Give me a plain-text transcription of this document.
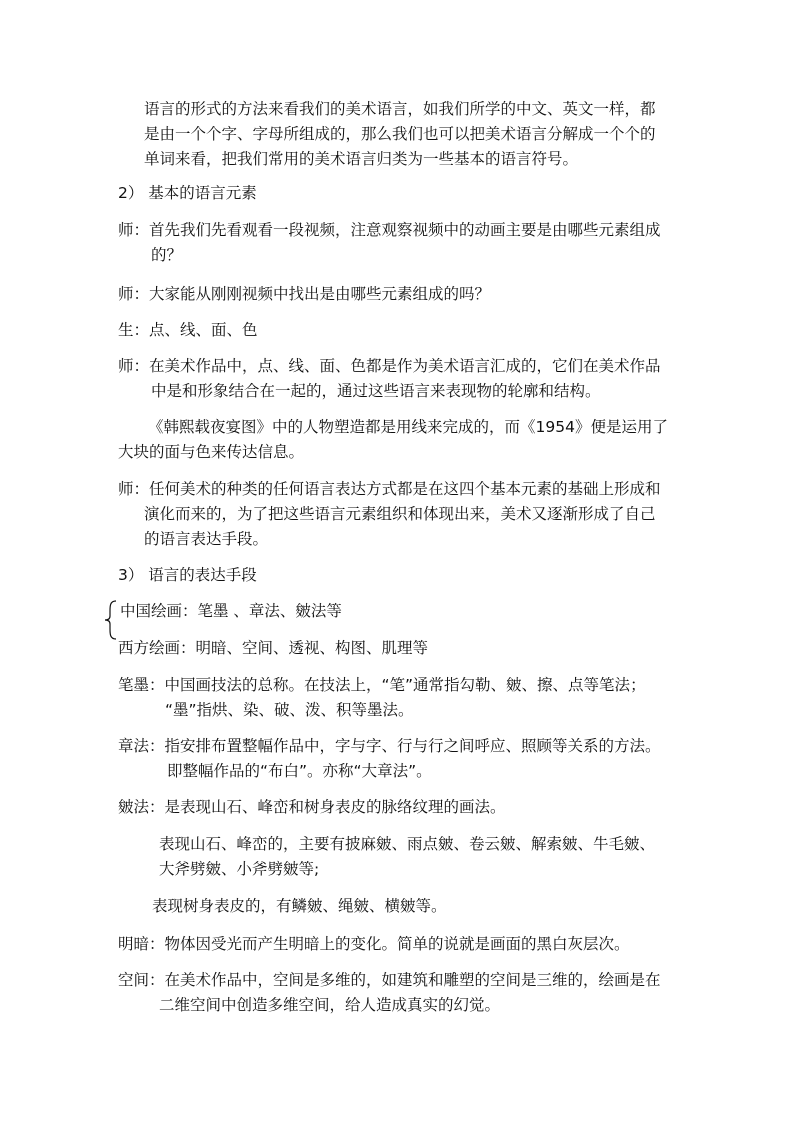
语言的形式的方法来看我们的美术语言，如我们所学的中文、英文一样，都
是由一个个字、字母所组成的，那么我们也可以把美术语言分解成一个个的
单词来看，把我们常用的美术语言归类为一些基本的语言符号。
2） 基本的语言元素
师：首先我们先看观看一段视频，注意观察视频中的动画主要是由哪些元素组成
的？
师：大家能从刚刚视频中找出是由哪些元素组成的吗？
生：点、线、面、色
师：在美术作品中，点、线、面、色都是作为美术语言汇成的，它们在美术作品
中是和形象结合在一起的，通过这些语言来表现物的轮廓和结构。
《韩熙载夜宴图》中的人物塑造都是用线来完成的，而《1954》便是运用了
大块的面与色来传达信息。
师：任何美术的种类的任何语言表达方式都是在这四个基本元素的基础上形成和
演化而来的，为了把这些语言元素组织和体现出来，美术又逐渐形成了自己
的语言表达手段。
3） 语言的表达手段
中国绘画：笔墨 、章法、皴法等
西方绘画：明暗、空间、透视、构图、肌理等
笔墨：中国画技法的总称。在技法上，“笔”通常指勾勒、皴、擦、点等笔法；
“墨”指烘、染、破、泼、积等墨法。
章法：指安排布置整幅作品中，字与字、行与行之间呼应、照顾等关系的方法。
即整幅作品的“布白”。亦称“大章法”。
皴法：是表现山石、峰峦和树身表皮的脉络纹理的画法。
表现山石、峰峦的，主要有披麻皴、雨点皴、卷云皴、解索皴、牛毛皴、
大斧劈皴、小斧劈皴等;
表现树身表皮的，有鳞皴、绳皴、横皴等。
明暗：物体因受光而产生明暗上的变化。简单的说就是画面的黑白灰层次。
空间：在美术作品中，空间是多维的，如建筑和雕塑的空间是三维的，绘画是在
二维空间中创造多维空间，给人造成真实的幻觉。
